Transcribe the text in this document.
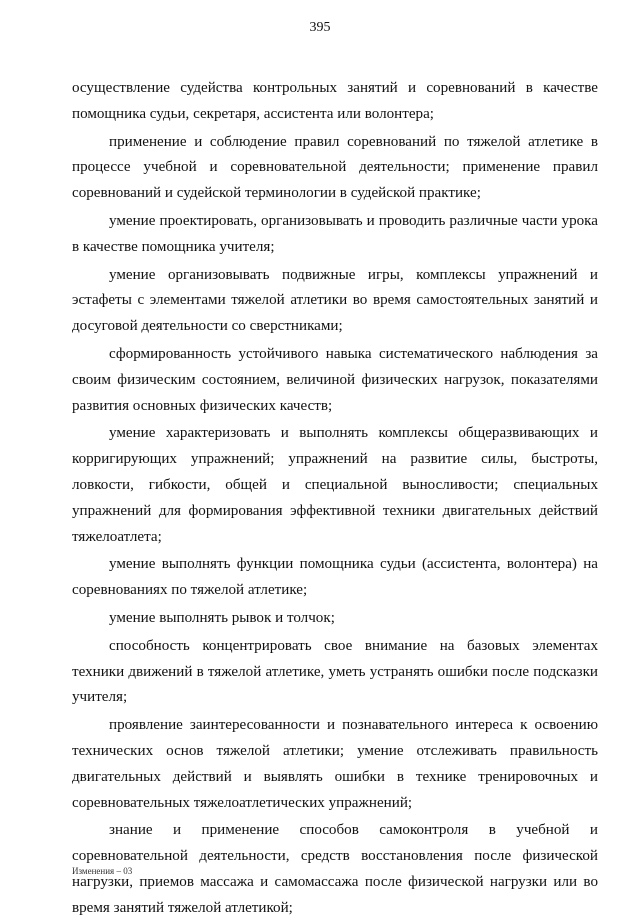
395

осуществление судейства контрольных занятий и соревнований в качестве помощника судьи, секретаря, ассистента или волонтера;

применение и соблюдение правил соревнований по тяжелой атлетике в процессе учебной и соревновательной деятельности; применение правил соревнований и судейской терминологии в судейской практике;

умение проектировать, организовывать и проводить различные части урока в качестве помощника учителя;

умение организовывать подвижные игры, комплексы упражнений и эстафеты с элементами тяжелой атлетики во время самостоятельных занятий и досуговой деятельности со сверстниками;

сформированность устойчивого навыка систематического наблюдения за своим физическим состоянием, величиной физических нагрузок, показателями развития основных физических качеств;

умение характеризовать и выполнять комплексы общеразвивающих и корригирующих упражнений; упражнений на развитие силы, быстроты, ловкости, гибкости, общей и специальной выносливости; специальных упражнений для формирования эффективной техники двигательных действий тяжелоатлета;

умение выполнять функции помощника судьи (ассистента, волонтера) на соревнованиях по тяжелой атлетике;

умение выполнять рывок и толчок;

способность концентрировать свое внимание на базовых элементах техники движений в тяжелой атлетике, уметь устранять ошибки после подсказки учителя;

проявление заинтересованности и познавательного интереса к освоению технических основ тяжелой атлетики; умение отслеживать правильность двигательных действий и выявлять ошибки в технике тренировочных и соревновательных тяжелоатлетических упражнений;

знание и применение способов самоконтроля в учебной и соревновательной деятельности, средств восстановления после физической нагрузки, приемов массажа и самомассажа после физической нагрузки или во время занятий тяжелой атлетикой;

Изменения – 03
